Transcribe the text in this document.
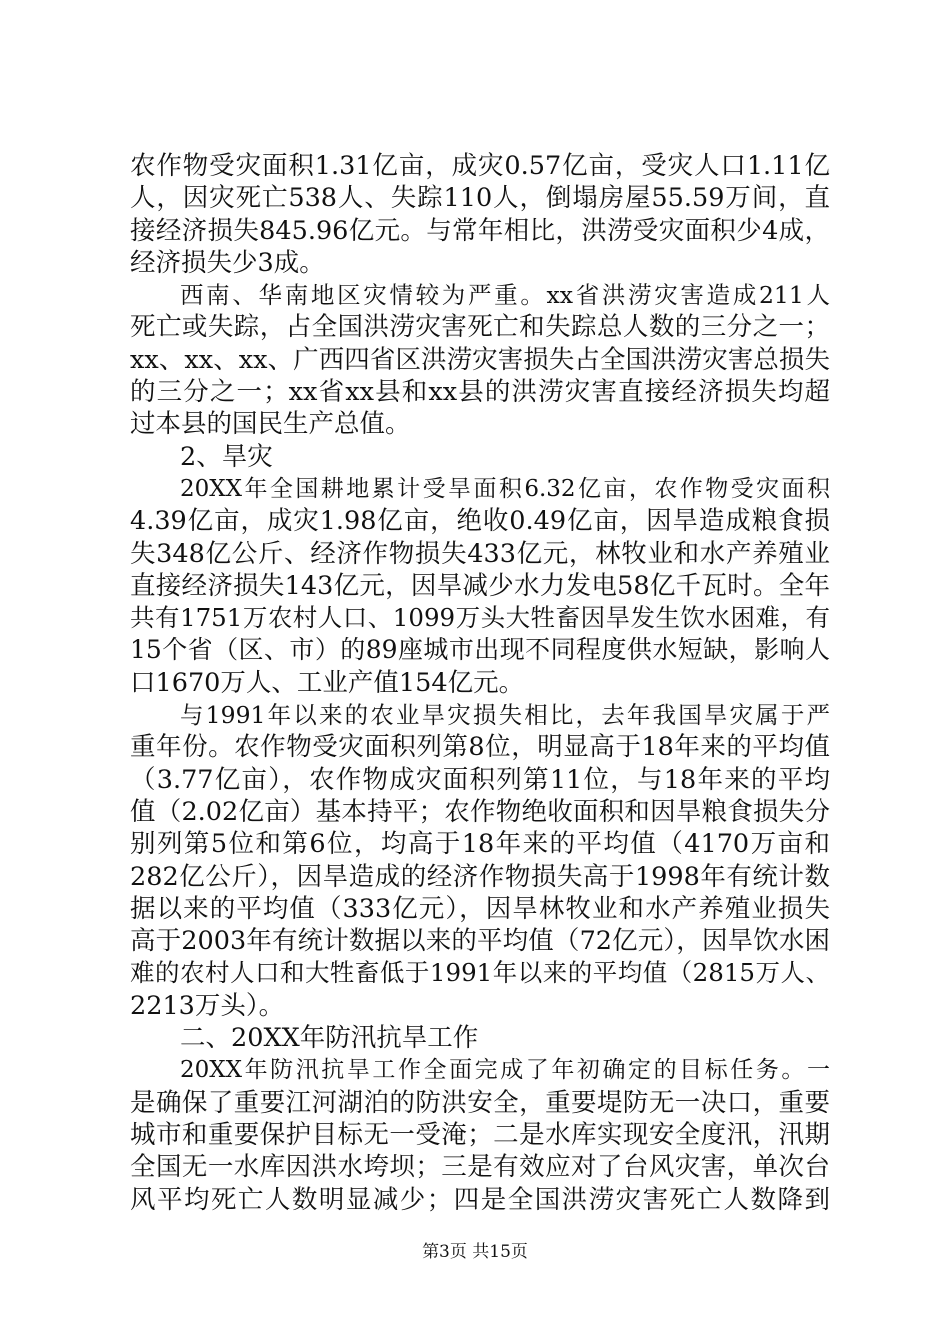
农作物受灾面积1.31亿亩，成灾0.57亿亩，受灾人口1.11亿
人，因灾死亡538人、失踪110人，倒塌房屋55.59万间，直
接经济损失845.96亿元。与常年相比，洪涝受灾面积少4成，
经济损失少3成。
西南、华南地区灾情较为严重。xx省洪涝灾害造成211人
死亡或失踪，占全国洪涝灾害死亡和失踪总人数的三分之一；
xx、xx、xx、广西四省区洪涝灾害损失占全国洪涝灾害总损失
的三分之一；xx省xx县和xx县的洪涝灾害直接经济损失均超
过本县的国民生产总值。
2、旱灾
20XX年全国耕地累计受旱面积6.32亿亩，农作物受灾面积
4.39亿亩，成灾1.98亿亩，绝收0.49亿亩，因旱造成粮食损
失348亿公斤、经济作物损失433亿元，林牧业和水产养殖业
直接经济损失143亿元，因旱减少水力发电58亿千瓦时。全年
共有1751万农村人口、1099万头大牲畜因旱发生饮水困难，有
15个省（区、市）的89座城市出现不同程度供水短缺，影响人
口1670万人、工业产值154亿元。
与1991年以来的农业旱灾损失相比，去年我国旱灾属于严
重年份。农作物受灾面积列第8位，明显高于18年来的平均值
（3.77亿亩），农作物成灾面积列第11位，与18年来的平均
值（2.02亿亩）基本持平；农作物绝收面积和因旱粮食损失分
别列第5位和第6位，均高于18年来的平均值（4170万亩和
282亿公斤），因旱造成的经济作物损失高于1998年有统计数
据以来的平均值（333亿元），因旱林牧业和水产养殖业损失
高于2003年有统计数据以来的平均值（72亿元），因旱饮水困
难的农村人口和大牲畜低于1991年以来的平均值（2815万人、
2213万头）。
二、20XX年防汛抗旱工作
20XX年防汛抗旱工作全面完成了年初确定的目标任务。一
是确保了重要江河湖泊的防洪安全，重要堤防无一决口，重要
城市和重要保护目标无一受淹；二是水库实现安全度汛，汛期
全国无一水库因洪水垮坝；三是有效应对了台风灾害，单次台
风平均死亡人数明显减少；四是全国洪涝灾害死亡人数降到
第3页 共15页
